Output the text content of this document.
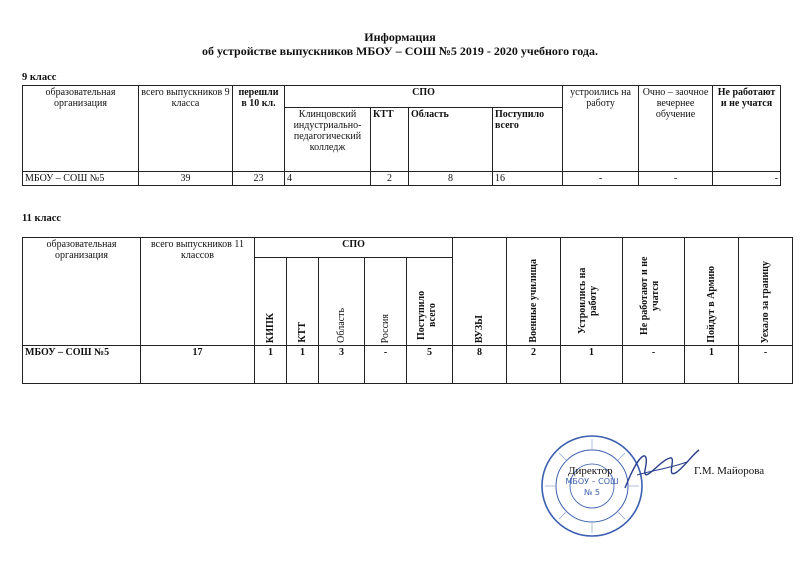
Информация
об устройстве выпускников МБОУ – СОШ №5 2019 - 2020 учебного года.
9 класс
образовательная организация	всего выпускников 9 класса	перешли в 10 кл.	СПО				устроились на работу	Очно – заочное вечернее обучение	Не работают и не учатся
			Клинцовский индустриально-педагогический колледж	КТТ	Область	Поступило всего			
МБОУ – СОШ №5	39	23	4	2	8	16	-	-	-
11 класс
образовательная организация	всего выпускников 11 классов	СПО					ВУЗЫ	Военные училища	Устроились на работу	Не работают и не учатся	Пойдут в Армию	Уехало за границу

		КИПК	КТТ	Область	Россия	Поступило всего						

МБОУ – СОШ №5	17	1	1	3	-	5	8	2	1	-	1	-
МБОУ – СОШ
№ 5
Директор	Г.М. Майорова
